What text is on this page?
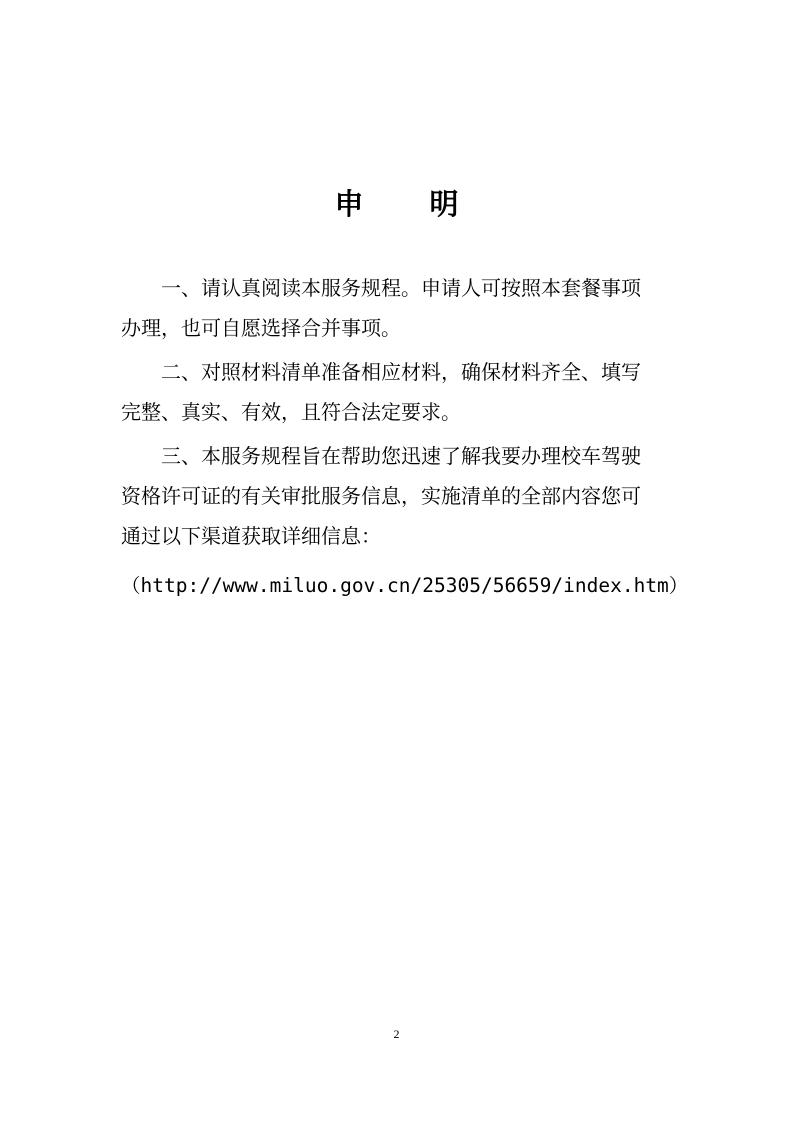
申 明
一、请认真阅读本服务规程。申请人可按照本套餐事项
办理，也可自愿选择合并事项。
二、对照材料清单准备相应材料，确保材料齐全、填写
完整、真实、有效，且符合法定要求。
三、本服务规程旨在帮助您迅速了解我要办理校车驾驶
资格许可证的有关审批服务信息，实施清单的全部内容您可
通过以下渠道获取详细信息：
（http://www.miluo.gov.cn/25305/56659/index.htm）
2
